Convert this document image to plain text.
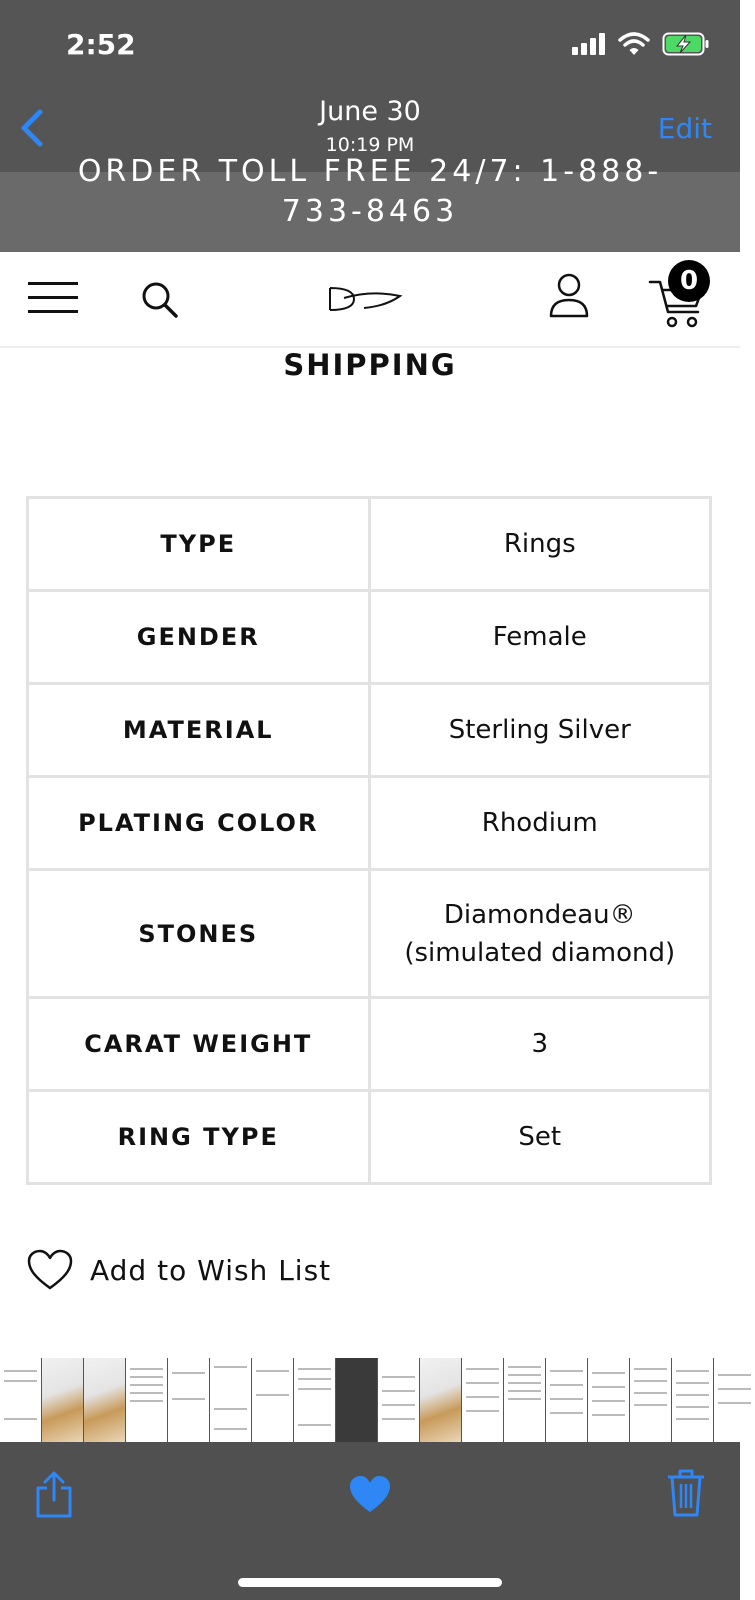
2:52
June 30
10:19 PM	Edit
ORDER TOLL FREE 24/7: 1-888-
733-8463
0
SHIPPING
TYPE	Rings
GENDER	Female
MATERIAL	Sterling Silver
PLATING COLOR	Rhodium
STONES	Diamondeau®
(simulated diamond)

CARAT WEIGHT	3
RING TYPE	Set
Add to Wish List
